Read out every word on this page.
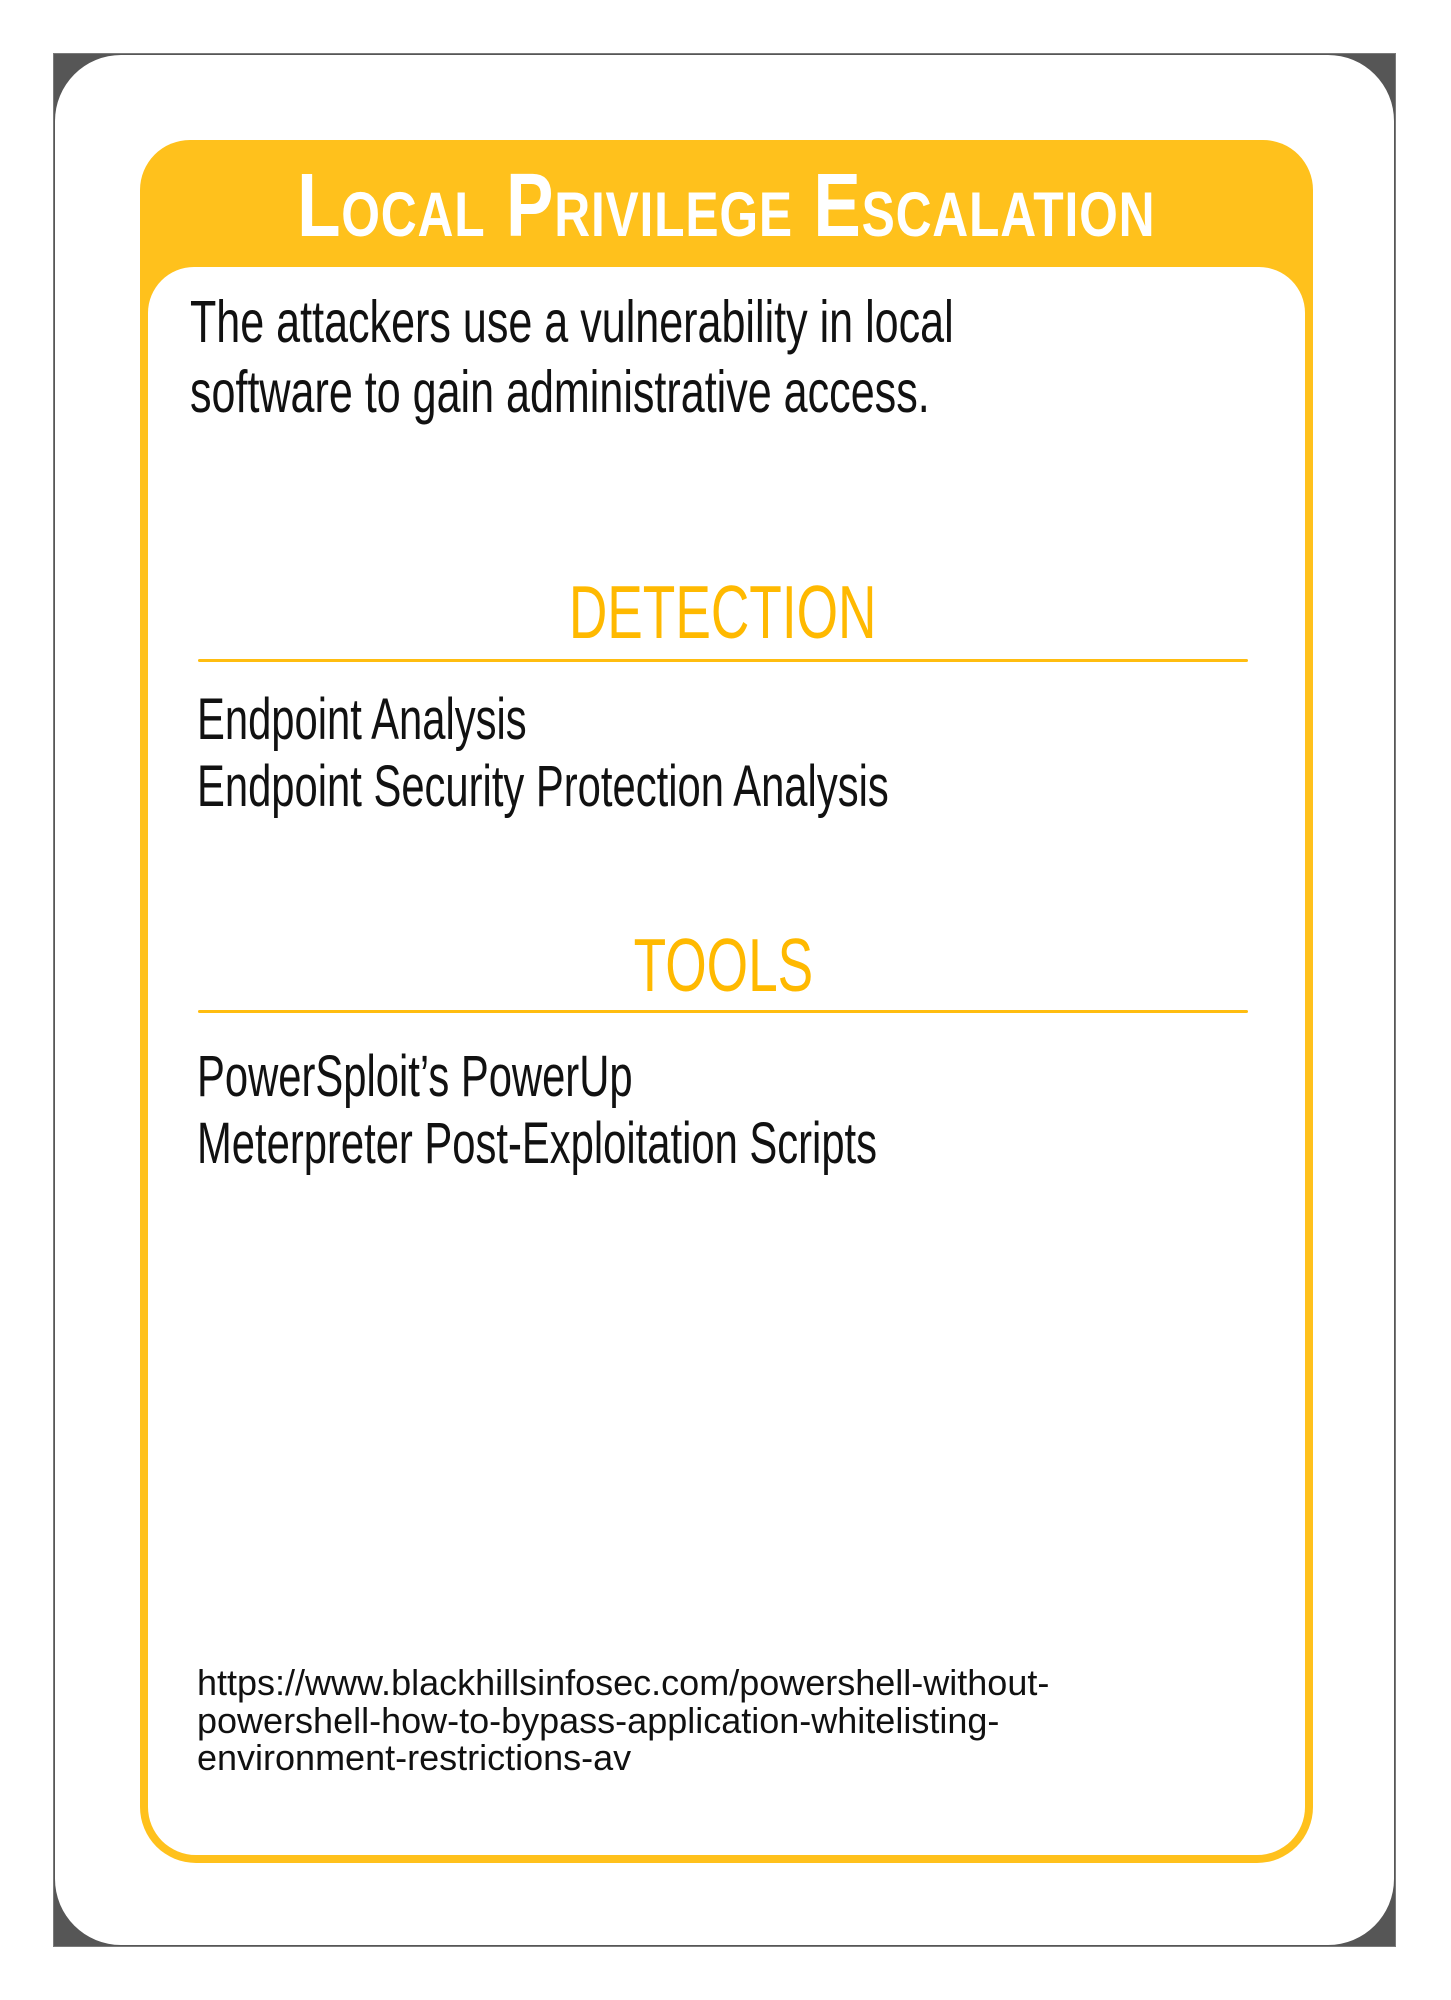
Local Privilege Escalation
The attackers use a vulnerability in local
software to gain administrative access.
DETECTION
Endpoint Analysis
Endpoint Security Protection Analysis
TOOLS
PowerSploit’s PowerUp
Meterpreter Post-Exploitation Scripts
https://www.blackhillsinfosec.com/powershell-without-
powershell-how-to-bypass-application-whitelisting-
environment-restrictions-av
